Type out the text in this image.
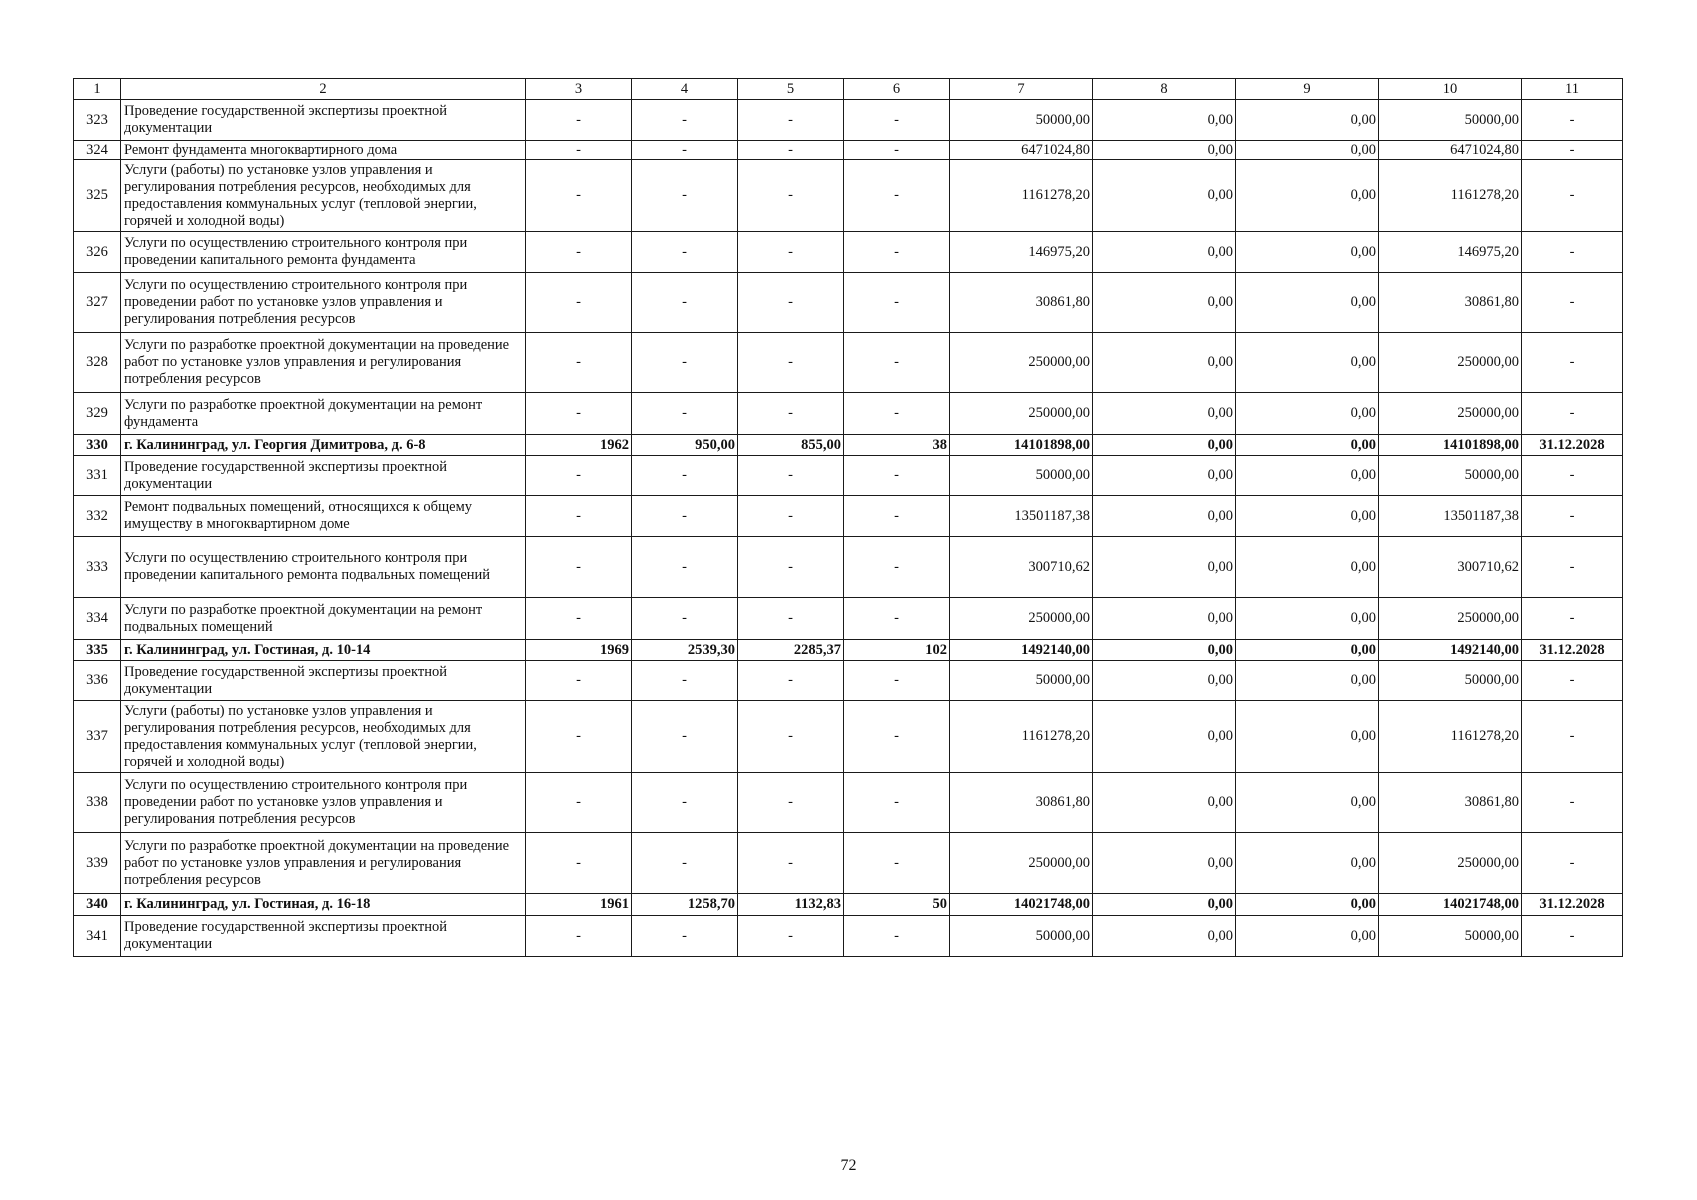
1	2	3	4	5	6	7	8	9	10	11
323	Проведение государственной экспертизы проектной документации	-	-	-	-	50000,00	0,00	0,00	50000,00	-
324	Ремонт фундамента многоквартирного дома	-	-	-	-	6471024,80	0,00	0,00	6471024,80	-
325	Услуги (работы) по установке узлов управления и регулирования потребления ресурсов, необходимых для предоставления коммунальных услуг (тепловой энергии, горячей и холодной воды)	-	-	-	-	1161278,20	0,00	0,00	1161278,20	-
326	Услуги по осуществлению строительного контроля при проведении капитального ремонта фундамента	-	-	-	-	146975,20	0,00	0,00	146975,20	-
327	Услуги по осуществлению строительного контроля при проведении работ по установке узлов управления и регулирования потребления ресурсов	-	-	-	-	30861,80	0,00	0,00	30861,80	-
328	Услуги по разработке проектной документации на проведение работ по установке узлов управления и регулирования потребления ресурсов	-	-	-	-	250000,00	0,00	0,00	250000,00	-
329	Услуги по разработке проектной документации на ремонт фундамента	-	-	-	-	250000,00	0,00	0,00	250000,00	-
330	г. Калининград, ул. Георгия Димитрова, д. 6-8	1962	950,00	855,00	38	14101898,00	0,00	0,00	14101898,00	31.12.2028
331	Проведение государственной экспертизы проектной документации	-	-	-	-	50000,00	0,00	0,00	50000,00	-
332	Ремонт подвальных помещений, относящихся к общему имуществу в многоквартирном доме	-	-	-	-	13501187,38	0,00	0,00	13501187,38	-
333	Услуги по осуществлению строительного контроля при проведении капитального ремонта подвальных помещений	-	-	-	-	300710,62	0,00	0,00	300710,62	-
334	Услуги по разработке проектной документации на ремонт подвальных помещений	-	-	-	-	250000,00	0,00	0,00	250000,00	-
335	г. Калининград, ул. Гостиная, д. 10-14	1969	2539,30	2285,37	102	1492140,00	0,00	0,00	1492140,00	31.12.2028
336	Проведение государственной экспертизы проектной документации	-	-	-	-	50000,00	0,00	0,00	50000,00	-
337	Услуги (работы) по установке узлов управления и регулирования потребления ресурсов, необходимых для предоставления коммунальных услуг (тепловой энергии, горячей и холодной воды)	-	-	-	-	1161278,20	0,00	0,00	1161278,20	-
338	Услуги по осуществлению строительного контроля при проведении работ по установке узлов управления и регулирования потребления ресурсов	-	-	-	-	30861,80	0,00	0,00	30861,80	-
339	Услуги по разработке проектной документации на проведение работ по установке узлов управления и регулирования потребления ресурсов	-	-	-	-	250000,00	0,00	0,00	250000,00	-
340	г. Калининград, ул. Гостиная, д. 16-18	1961	1258,70	1132,83	50	14021748,00	0,00	0,00	14021748,00	31.12.2028
341	Проведение государственной экспертизы проектной документации	-	-	-	-	50000,00	0,00	0,00	50000,00	-
72
